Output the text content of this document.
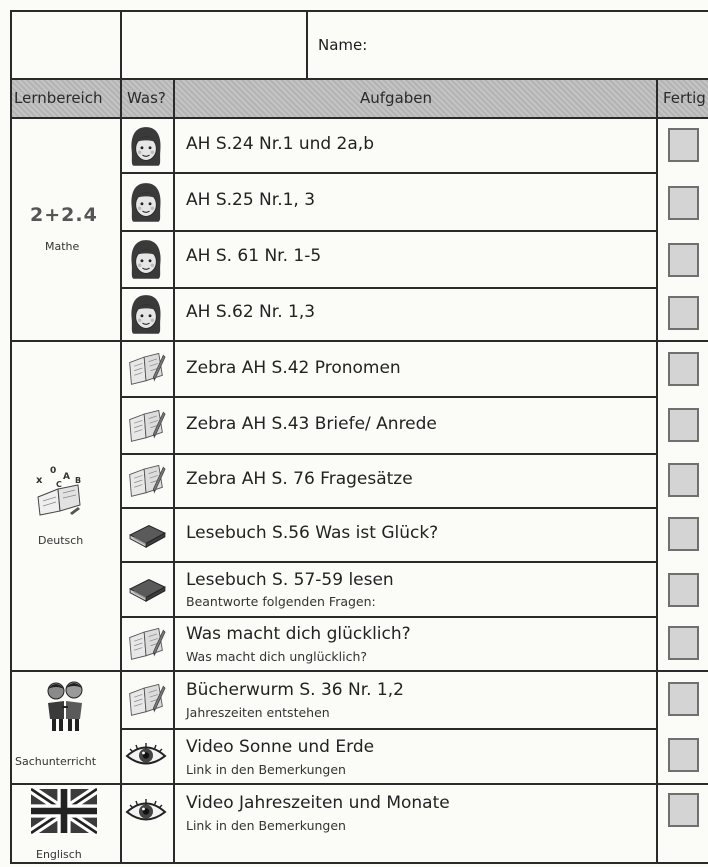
Name:
Lernbereich Was?	Aufgaben	Fertig
2+2.4
Mathe
x
0
A B
C
Deutsch
Sachunterricht
Englisch
AH S.24 Nr.1 und 2a,b
AH S.25 Nr.1, 3
AH S. 61 Nr. 1-5
AH S.62 Nr. 1,3
Zebra AH S.42 Pronomen
Zebra AH S.43 Briefe/ Anrede
Zebra AH S. 76 Fragesätze
Lesebuch S.56 Was ist Glück?
Lesebuch S. 57-59 lesen
Beantworte folgenden Fragen:
Was macht dich glücklich?
Was macht dich unglücklich?
Bücherwurm S. 36 Nr. 1,2
Jahreszeiten entstehen
Video Sonne und Erde
Link in den Bemerkungen
Video Jahreszeiten und Monate
Link in den Bemerkungen
